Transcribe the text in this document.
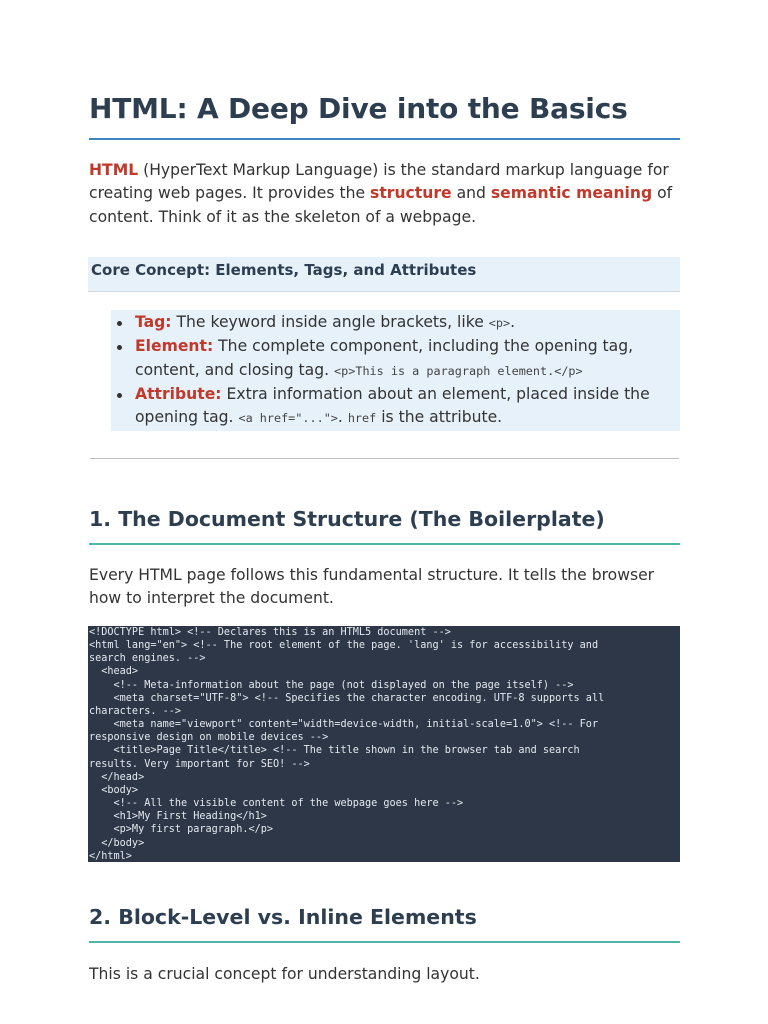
HTML: A Deep Dive into the Basics

HTML (HyperText Markup Language) is the standard markup language for creating web pages. It provides the structure and semantic meaning of content. Think of it as the skeleton of a webpage.

Core Concept: Elements, Tags, and Attributes
Tag: The keyword inside angle brackets, like <p>.
Element: The complete component, including the opening tag, content, and closing tag. <p>This is a paragraph element.</p>
Attribute: Extra information about an element, placed inside the opening tag. <a href="...">. href is the attribute.
1. The Document Structure (The Boilerplate)

Every HTML page follows this fundamental structure. It tells the browser how to interpret the document.

<!DOCTYPE html> <!-- Declares this is an HTML5 document -->
<html lang="en"> <!-- The root element of the page. 'lang' is for accessibility and
search engines. -->
<head>
<!-- Meta-information about the page (not displayed on the page itself) -->
<meta charset="UTF-8"> <!-- Specifies the character encoding. UTF-8 supports all
characters. -->
<meta name="viewport" content="width=device-width, initial-scale=1.0"> <!-- For
responsive design on mobile devices -->
<title>Page Title</title> <!-- The title shown in the browser tab and search
results. Very important for SEO! -->
</head>
<body>
<!-- All the visible content of the webpage goes here -->
<h1>My First Heading</h1>
<p>My first paragraph.</p>
</body>
</html>
2. Block-Level vs. Inline Elements

This is a crucial concept for understanding layout.
